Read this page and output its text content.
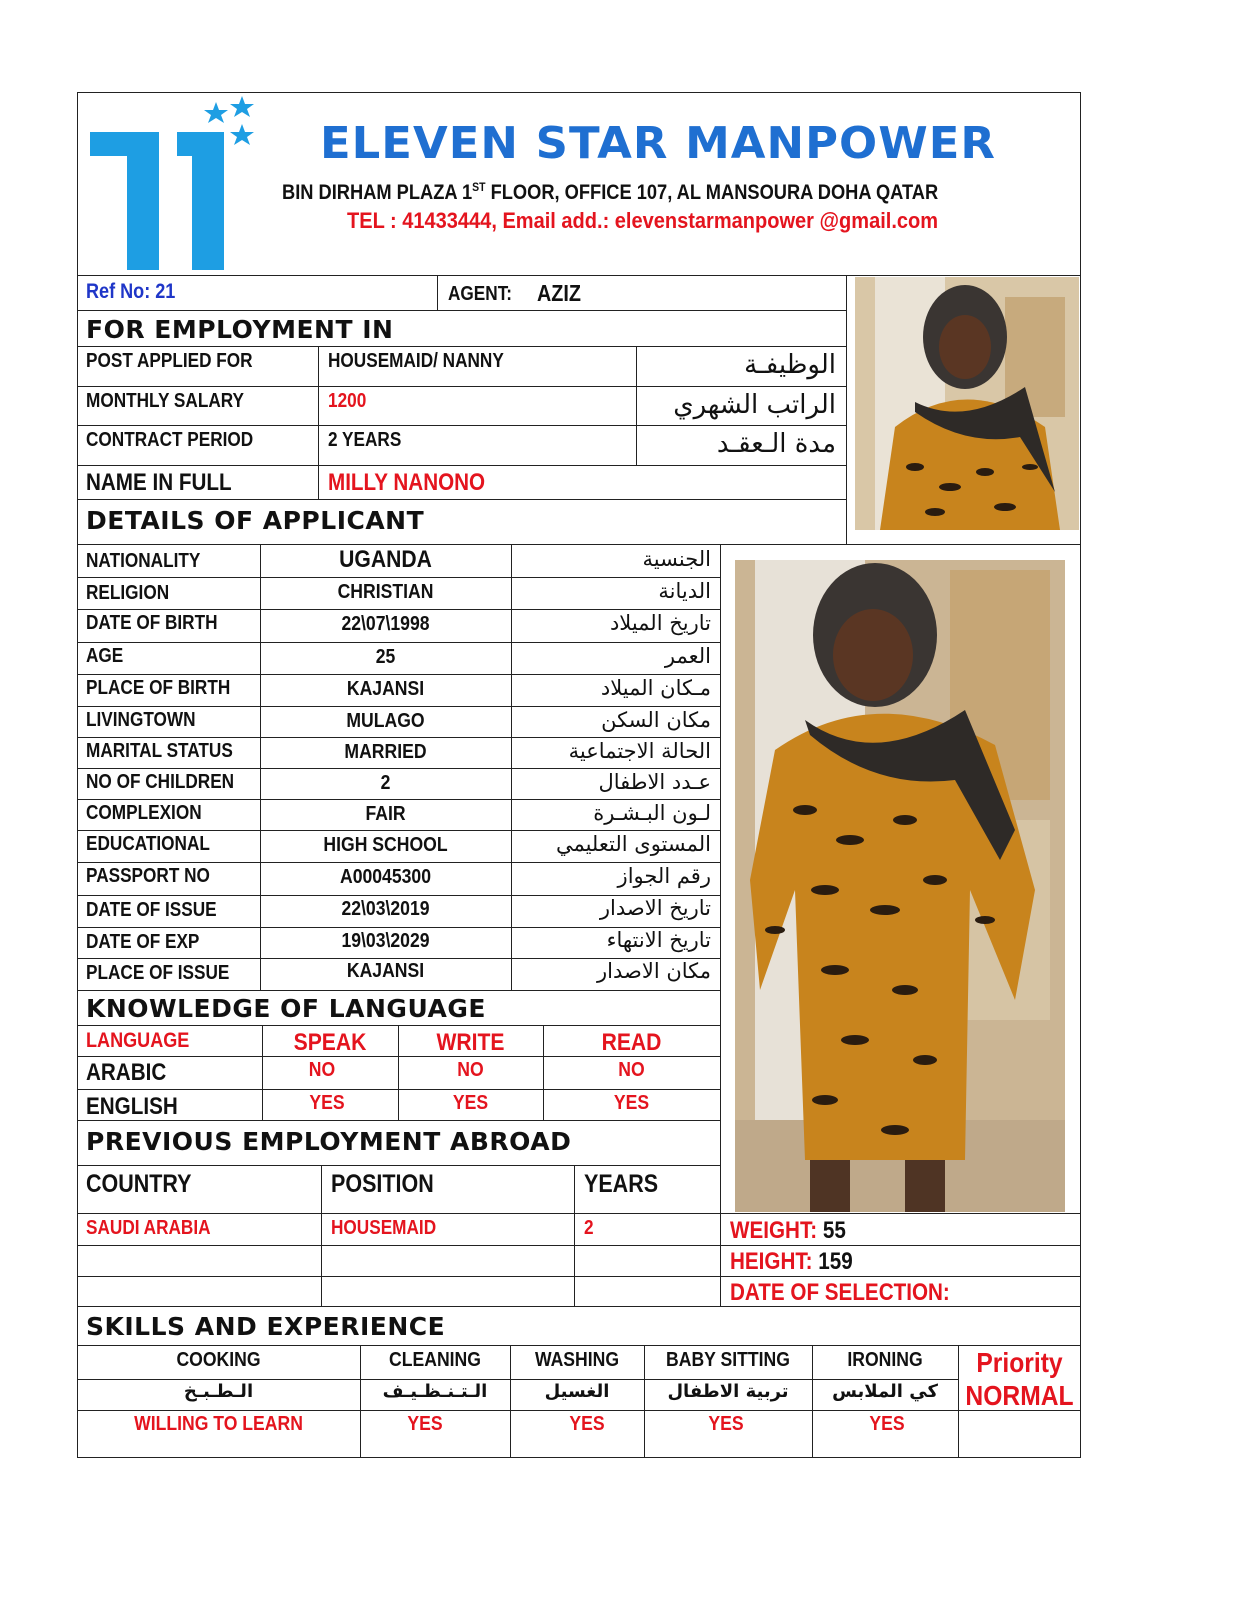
ELEVEN STAR MANPOWER
BIN DIRHAM PLAZA 1ST FLOOR, OFFICE 107, AL MANSOURA DOHA QATAR
TEL : 41433444, Email add.: elevenstarmanpower @gmail.com
Ref No: 21	AGENT: AZIZ
FOR EMPLOYMENT IN
POST APPLIED FOR	HOUSEMAID/ NANNY	الوظيفـة
MONTHLY SALARY	1200	الراتب الشهري
CONTRACT PERIOD	2 YEARS	مدة الـعقـد
NAME IN FULL	MILLY NANONO
DETAILS OF APPLICANT
NATIONALITY	UGANDA	الجنسية
RELIGION	CHRISTIAN	الديانة
DATE OF BIRTH	22\07\1998	تاريخ الميلاد
AGE	25	العمر
PLACE OF BIRTH	KAJANSI	مـكان الميلاد
LIVINGTOWN	MULAGO	مكان السكن
MARITAL STATUS	MARRIED	الحالة الاجتماعية
NO OF CHILDREN	2	عـدد الاطفال
COMPLEXION	FAIR	لـون البـشـرة
EDUCATIONAL	HIGH SCHOOL	المستوى التعليمي
PASSPORT NO	A00045300	رقم الجواز
DATE OF ISSUE	22\03\2019	تاريخ الاصدار
DATE OF EXP	19\03\2029	تاريخ الانتهاء
PLACE OF ISSUE	KAJANSI	مكان الاصدار
KNOWLEDGE OF LANGUAGE
LANGUAGE	SPEAK	WRITE	READ
ARABIC	NO	NO	NO
ENGLISH	YES	YES	YES
PREVIOUS EMPLOYMENT ABROAD
COUNTRY	POSITION	YEARS
SAUDI ARABIA	HOUSEMAID	2	WEIGHT: 55
HEIGHT: 159
DATE OF SELECTION:
SKILLS AND EXPERIENCE
COOKING	CLEANING	WASHING	BABY SITTING	IRONING
الـطـبـخ	الـتـنـظـيـف	الغسيل	تربية الاطفال	كي الملابس
WILLING TO LEARN	YES	YES	YES	YES
Priority
NORMAL
